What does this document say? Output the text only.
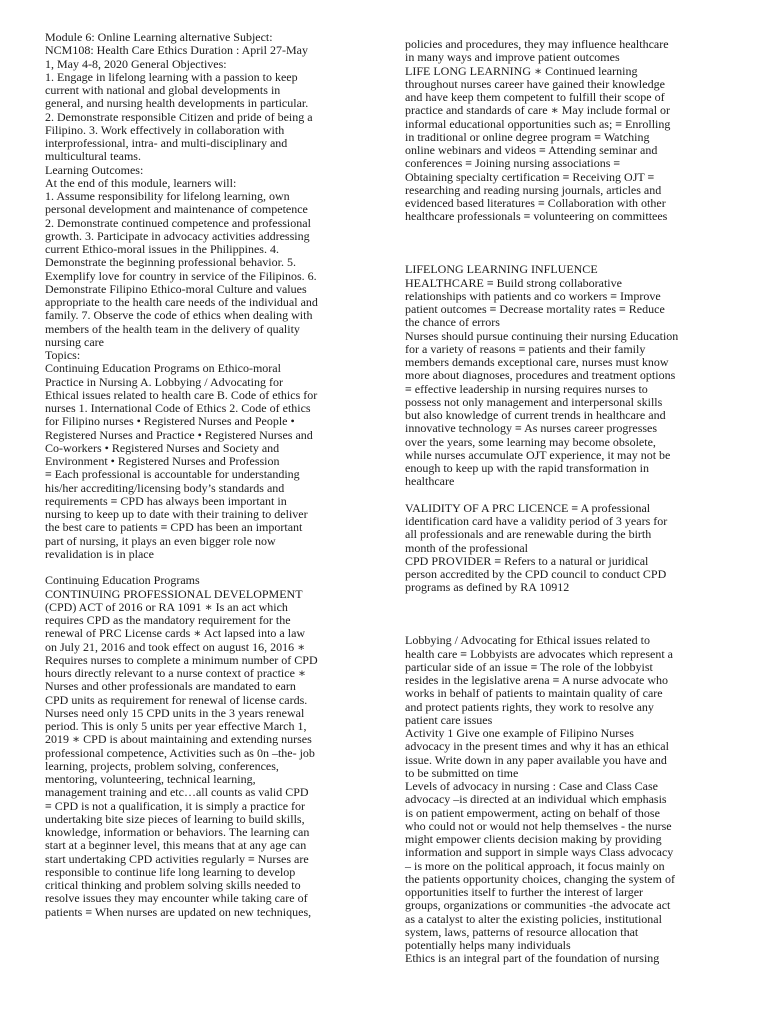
Module 6: Online Learning alternative Subject:
NCM108: Health Care Ethics Duration : April 27-May
1, May 4-8, 2020 General Objectives:
1. Engage in lifelong learning with a passion to keep
current with national and global developments in
general, and nursing health developments in particular.
2. Demonstrate responsible Citizen and pride of being a
Filipino. 3. Work effectively in collaboration with
interprofessional, intra- and multi-disciplinary and
multicultural teams.
Learning Outcomes:
At the end of this module, learners will:
1. Assume responsibility for lifelong learning, own
personal development and maintenance of competence
2. Demonstrate continued competence and professional
growth. 3. Participate in advocacy activities addressing
current Ethico-moral issues in the Philippines. 4.
Demonstrate the beginning professional behavior. 5.
Exemplify love for country in service of the Filipinos. 6.
Demonstrate Filipino Ethico-moral Culture and values
appropriate to the health care needs of the individual and
family. 7. Observe the code of ethics when dealing with
members of the health team in the delivery of quality
nursing care
Topics:
Continuing Education Programs on Ethico-moral
Practice in Nursing A. Lobbying / Advocating for
Ethical issues related to health care B. Code of ethics for
nurses 1. International Code of Ethics 2. Code of ethics
for Filipino nurses • Registered Nurses and People •
Registered Nurses and Practice • Registered Nurses and
Co-workers • Registered Nurses and Society and
Environment • Registered Nurses and Profession
≡ Each professional is accountable for understanding
his/her accrediting/licensing body’s standards and
requirements ≡ CPD has always been important in
nursing to keep up to date with their training to deliver
the best care to patients ≡ CPD has been an important
part of nursing, it plays an even bigger role now
revalidation is in place

Continuing Education Programs
CONTINUING PROFESSIONAL DEVELOPMENT
(CPD) ACT of 2016 or RA 1091 ∗ Is an act which
requires CPD as the mandatory requirement for the
renewal of PRC License cards ∗ Act lapsed into a law
on July 21, 2016 and took effect on august 16, 2016 ∗
Requires nurses to complete a minimum number of CPD
hours directly relevant to a nurse context of practice ∗
Nurses and other professionals are mandated to earn
CPD units as requirement for renewal of license cards.
Nurses need only 15 CPD units in the 3 years renewal
period. This is only 5 units per year effective March 1,
2019 ∗ CPD is about maintaining and extending nurses
professional competence, Activities such as 0n –the- job
learning, projects, problem solving, conferences,
mentoring, volunteering, technical learning,
management training and etc…all counts as valid CPD
≡ CPD is not a qualification, it is simply a practice for
undertaking bite size pieces of learning to build skills,
knowledge, information or behaviors. The learning can
start at a beginner level, this means that at any age can
start undertaking CPD activities regularly ≡ Nurses are
responsible to continue life long learning to develop
critical thinking and problem solving skills needed to
resolve issues they may encounter while taking care of
patients ≡ When nurses are updated on new techniques,
policies and procedures, they may influence healthcare
in many ways and improve patient outcomes
LIFE LONG LEARNING ∗ Continued learning
throughout nurses career have gained their knowledge
and have keep them competent to fulfill their scope of
practice and standards of care ∗ May include formal or
informal educational opportunities such as; ≡ Enrolling
in traditional or online degree program ≡ Watching
online webinars and videos ≡ Attending seminar and
conferences ≡ Joining nursing associations ≡
Obtaining specialty certification ≡ Receiving OJT ≡
researching and reading nursing journals, articles and
evidenced based literatures ≡ Collaboration with other
healthcare professionals ≡ volunteering on committees

LIFELONG LEARNING INFLUENCE
HEALTHCARE ≡ Build strong collaborative
relationships with patients and co workers ≡ Improve
patient outcomes ≡ Decrease mortality rates ≡ Reduce
the chance of errors
Nurses should pursue continuing their nursing Education
for a variety of reasons ≡ patients and their family
members demands exceptional care, nurses must know
more about diagnoses, procedures and treatment options
≡ effective leadership in nursing requires nurses to
possess not only management and interpersonal skills
but also knowledge of current trends in healthcare and
innovative technology ≡ As nurses career progresses
over the years, some learning may become obsolete,
while nurses accumulate OJT experience, it may not be
enough to keep up with the rapid transformation in
healthcare

VALIDITY OF A PRC LICENCE ≡ A professional
identification card have a validity period of 3 years for
all professionals and are renewable during the birth
month of the professional
CPD PROVIDER ≡ Refers to a natural or juridical
person accredited by the CPD council to conduct CPD
programs as defined by RA 10912

Lobbying / Advocating for Ethical issues related to
health care ≡ Lobbyists are advocates which represent a
particular side of an issue ≡ The role of the lobbyist
resides in the legislative arena ≡ A nurse advocate who
works in behalf of patients to maintain quality of care
and protect patients rights, they work to resolve any
patient care issues
Activity 1 Give one example of Filipino Nurses
advocacy in the present times and why it has an ethical
issue. Write down in any paper available you have and
to be submitted on time
Levels of advocacy in nursing : Case and Class Case
advocacy –is directed at an individual which emphasis
is on patient empowerment, acting on behalf of those
who could not or would not help themselves - the nurse
might empower clients decision making by providing
information and support in simple ways Class advocacy
– is more on the political approach, it focus mainly on
the patients opportunity choices, changing the system of
opportunities itself to further the interest of larger
groups, organizations or communities -the advocate act
as a catalyst to alter the existing policies, institutional
system, laws, patterns of resource allocation that
potentially helps many individuals
Ethics is an integral part of the foundation of nursing
